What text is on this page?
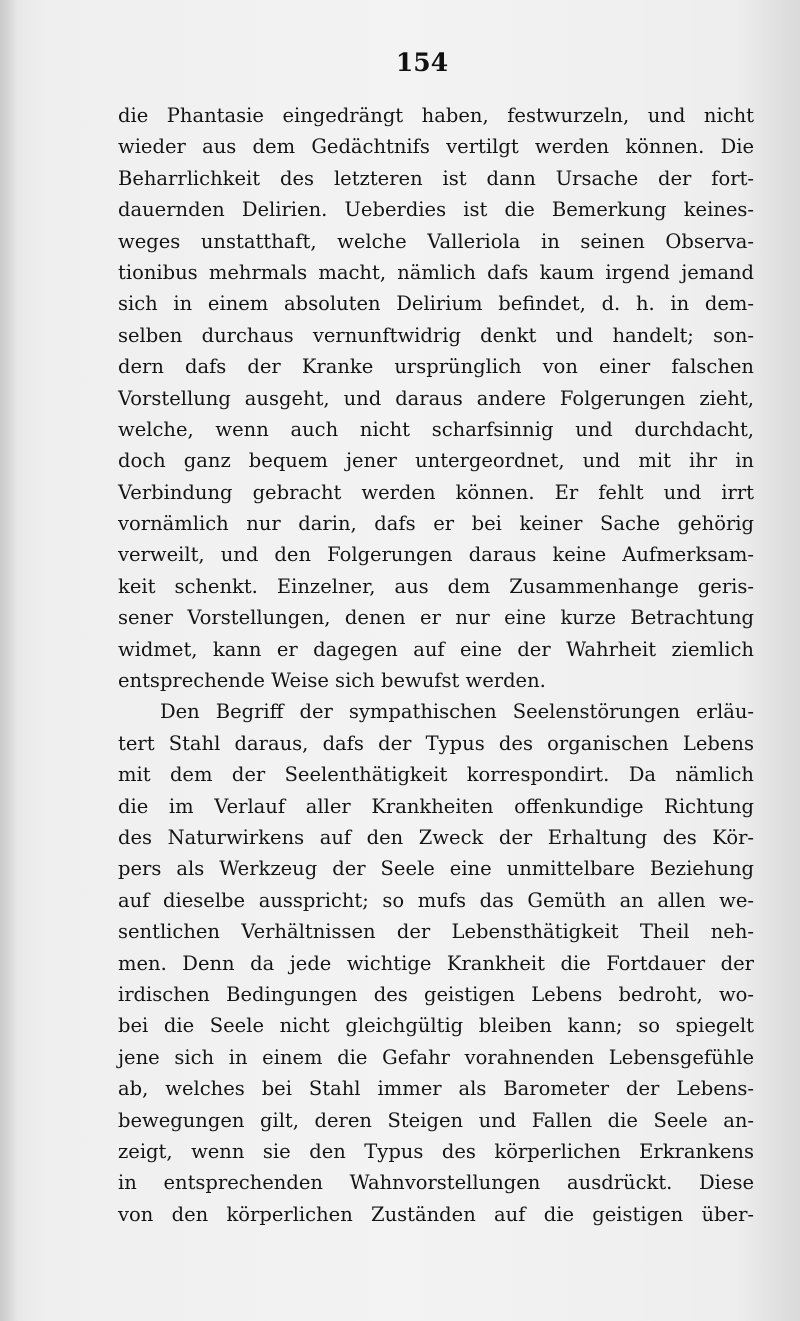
154
die Phantasie eingedrängt haben, festwurzeln, und nicht
wieder aus dem Gedächtnifs vertilgt werden können. Die
Beharrlichkeit des letzteren ist dann Ursache der fort-
dauernden Delirien. Ueberdies ist die Bemerkung keines-
weges unstatthaft, welche Valleriola in seinen Observa-
tionibus mehrmals macht, nämlich dafs kaum irgend jemand
sich in einem absoluten Delirium befindet, d. h. in dem-
selben durchaus vernunftwidrig denkt und handelt; son-
dern dafs der Kranke ursprünglich von einer falschen
Vorstellung ausgeht, und daraus andere Folgerungen zieht,
welche, wenn auch nicht scharfsinnig und durchdacht,
doch ganz bequem jener untergeordnet, und mit ihr in
Verbindung gebracht werden können. Er fehlt und irrt
vornämlich nur darin, dafs er bei keiner Sache gehörig
verweilt, und den Folgerungen daraus keine Aufmerksam-
keit schenkt. Einzelner, aus dem Zusammenhange geris-
sener Vorstellungen, denen er nur eine kurze Betrachtung
widmet, kann er dagegen auf eine der Wahrheit ziemlich
entsprechende Weise sich bewufst werden.
Den Begriff der sympathischen Seelenstörungen erläu-
tert Stahl daraus, dafs der Typus des organischen Lebens
mit dem der Seelenthätigkeit korrespondirt. Da nämlich
die im Verlauf aller Krankheiten offenkundige Richtung
des Naturwirkens auf den Zweck der Erhaltung des Kör-
pers als Werkzeug der Seele eine unmittelbare Beziehung
auf dieselbe ausspricht; so mufs das Gemüth an allen we-
sentlichen Verhältnissen der Lebensthätigkeit Theil neh-
men. Denn da jede wichtige Krankheit die Fortdauer der
irdischen Bedingungen des geistigen Lebens bedroht, wo-
bei die Seele nicht gleichgültig bleiben kann; so spiegelt
jene sich in einem die Gefahr vorahnenden Lebensgefühle
ab, welches bei Stahl immer als Barometer der Lebens-
bewegungen gilt, deren Steigen und Fallen die Seele an-
zeigt, wenn sie den Typus des körperlichen Erkrankens
in entsprechenden Wahnvorstellungen ausdrückt. Diese
von den körperlichen Zuständen auf die geistigen über-
